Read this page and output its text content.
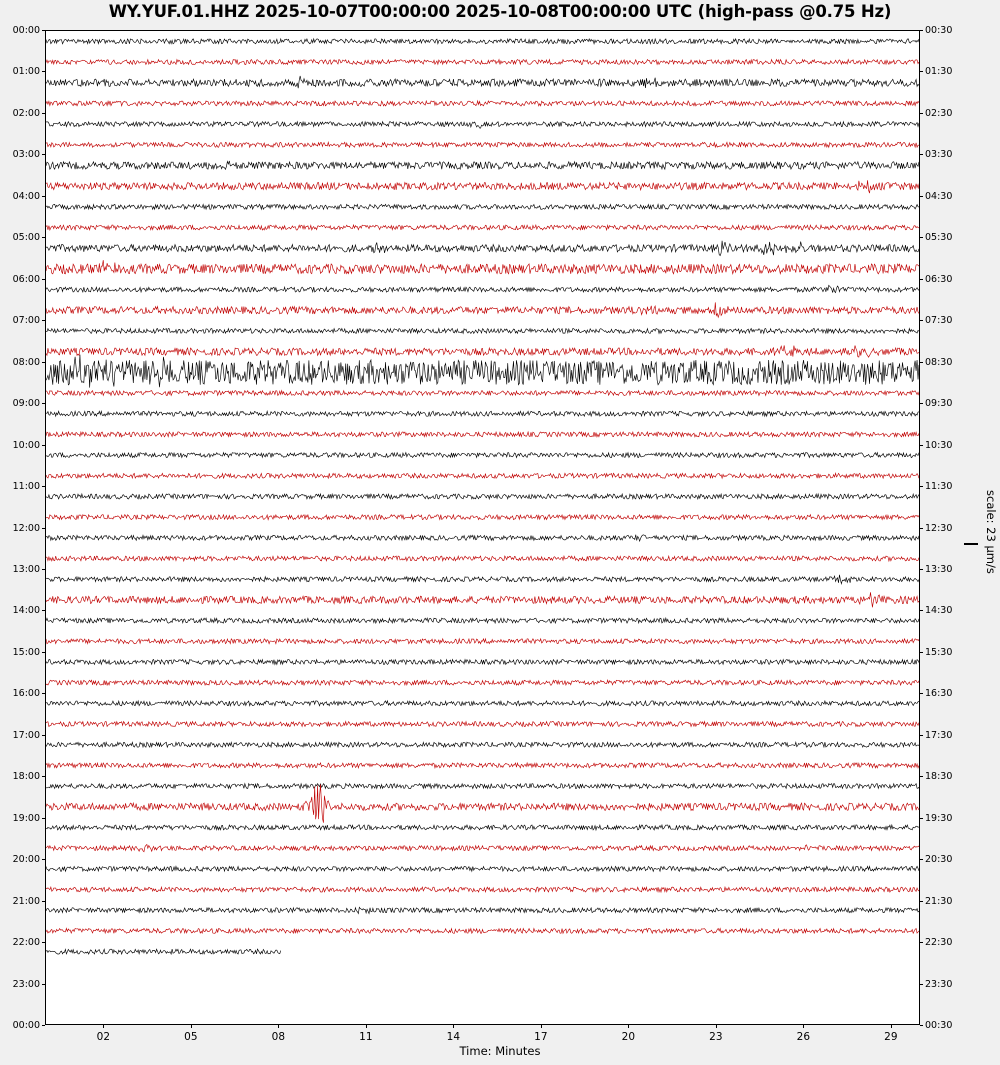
WY.YUF.01.HHZ 2025-10-07T00:00:00 2025-10-08T00:00:00 UTC (high-pass @0.75 Hz)
00:00
01:00
02:00
03:00
04:00
05:00
06:00
07:00
08:00
09:00
10:00
11:00
12:00
13:00
14:00
15:00
16:00
17:00
18:00
19:00
20:00
21:00
22:00
23:00
00:00
00:30
01:30
02:30
03:30
04:30
05:30
06:30
07:30
08:30
09:30
10:30
11:30
12:30
13:30
14:30
15:30
16:30
17:30
18:30
19:30
20:30
21:30
22:30
23:30
00:30
02	05	08	11	14	17	20	23	26	29
Time: Minutes
scale: 23 µm/s
